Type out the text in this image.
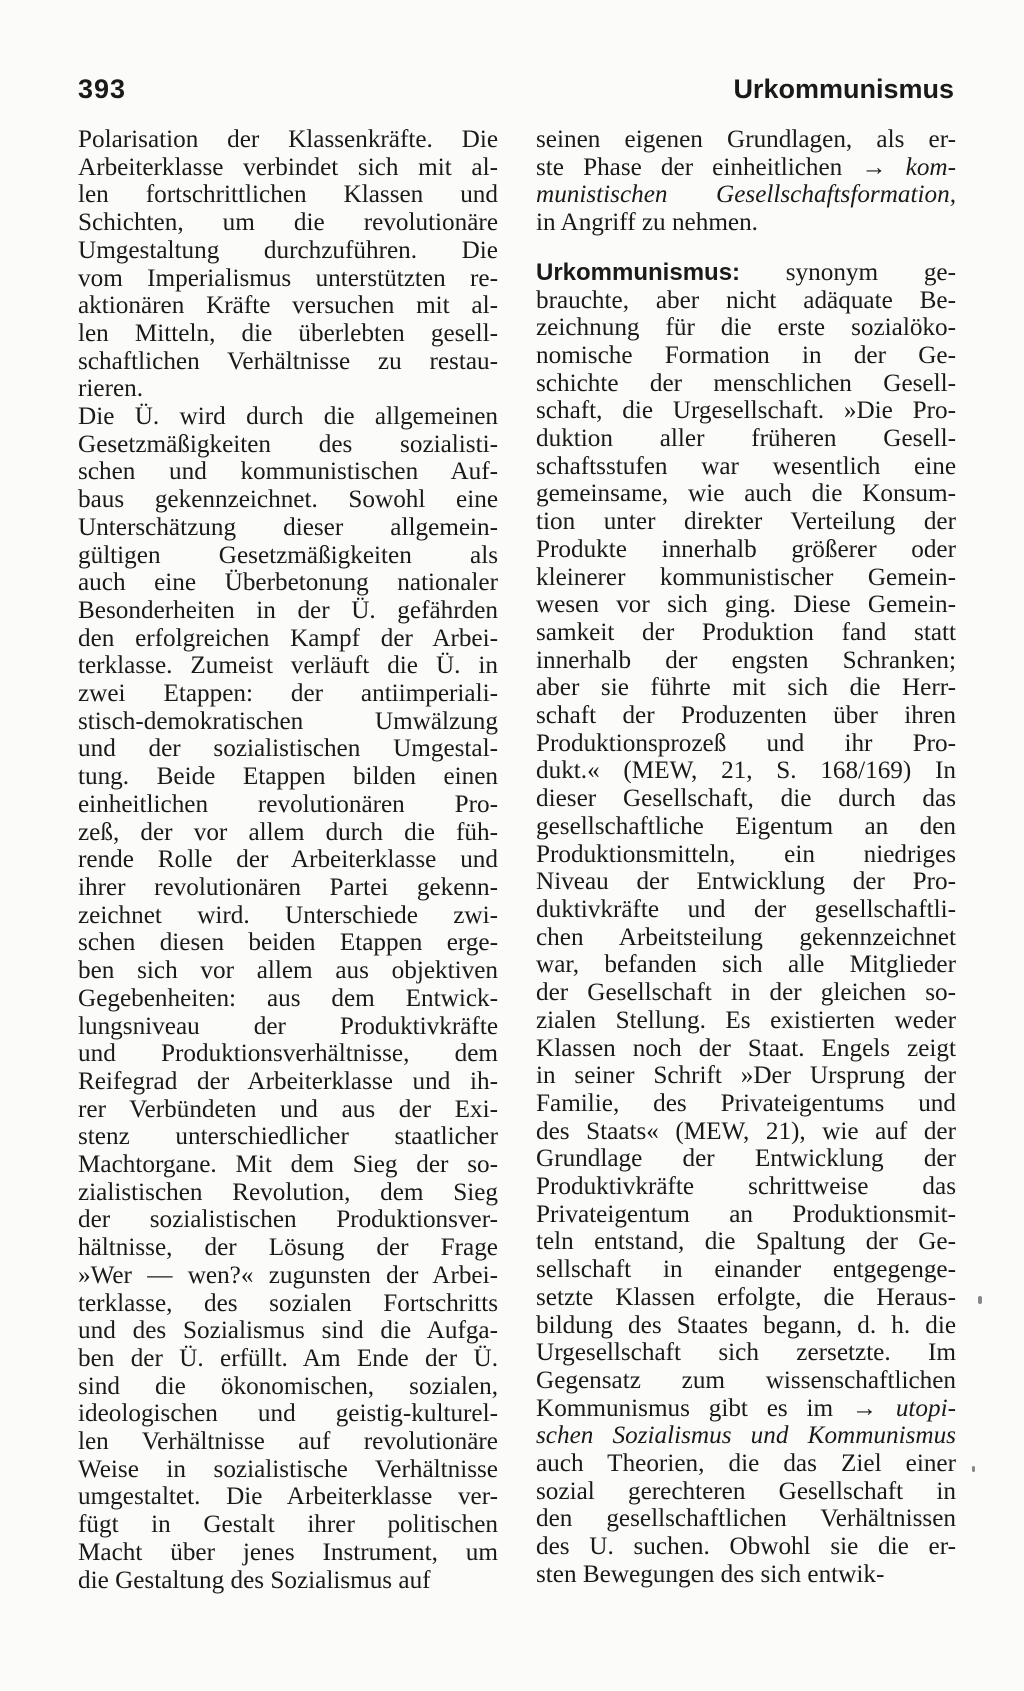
393	Urkommunismus
Polarisation der Klassenkräfte. Die
Arbeiterklasse verbindet sich mit al-
len fortschrittlichen Klassen und
Schichten, um die revolutionäre
Umgestaltung durchzuführen. Die
vom Imperialismus unterstützten re-
aktionären Kräfte versuchen mit al-
len Mitteln, die überlebten gesell-
schaftlichen Verhältnisse zu restau-
rieren.
Die Ü. wird durch die allgemeinen
Gesetzmäßigkeiten des sozialisti-
schen und kommunistischen Auf-
baus gekennzeichnet. Sowohl eine
Unterschätzung dieser allgemein-
gültigen Gesetzmäßigkeiten als
auch eine Überbetonung nationaler
Besonderheiten in der Ü. gefährden
den erfolgreichen Kampf der Arbei-
terklasse. Zumeist verläuft die Ü. in
zwei Etappen: der antiimperiali-
stisch-demokratischen Umwälzung
und der sozialistischen Umgestal-
tung. Beide Etappen bilden einen
einheitlichen revolutionären Pro-
zeß, der vor allem durch die füh-
rende Rolle der Arbeiterklasse und
ihrer revolutionären Partei gekenn-
zeichnet wird. Unterschiede zwi-
schen diesen beiden Etappen erge-
ben sich vor allem aus objektiven
Gegebenheiten: aus dem Entwick-
lungsniveau der Produktivkräfte
und Produktionsverhältnisse, dem
Reifegrad der Arbeiterklasse und ih-
rer Verbündeten und aus der Exi-
stenz unterschiedlicher staatlicher
Machtorgane. Mit dem Sieg der so-
zialistischen Revolution, dem Sieg
der sozialistischen Produktionsver-
hältnisse, der Lösung der Frage
»Wer — wen?« zugunsten der Arbei-
terklasse, des sozialen Fortschritts
und des Sozialismus sind die Aufga-
ben der Ü. erfüllt. Am Ende der Ü.
sind die ökonomischen, sozialen,
ideologischen und geistig-kulturel-
len Verhältnisse auf revolutionäre
Weise in sozialistische Verhältnisse
umgestaltet. Die Arbeiterklasse ver-
fügt in Gestalt ihrer politischen
Macht über jenes Instrument, um
die Gestaltung des Sozialismus auf
seinen eigenen Grundlagen, als er-
ste Phase der einheitlichen → kom-
munistischen Gesellschaftsformation,
in Angriff zu nehmen.
Urkommunismus: synonym ge-
brauchte, aber nicht adäquate Be-
zeichnung für die erste sozialöko-
nomische Formation in der Ge-
schichte der menschlichen Gesell-
schaft, die Urgesellschaft. »Die Pro-
duktion aller früheren Gesell-
schaftsstufen war wesentlich eine
gemeinsame, wie auch die Konsum-
tion unter direkter Verteilung der
Produkte innerhalb größerer oder
kleinerer kommunistischer Gemein-
wesen vor sich ging. Diese Gemein-
samkeit der Produktion fand statt
innerhalb der engsten Schranken;
aber sie führte mit sich die Herr-
schaft der Produzenten über ihren
Produktionsprozeß und ihr Pro-
dukt.« (MEW, 21, S. 168/169) In
dieser Gesellschaft, die durch das
gesellschaftliche Eigentum an den
Produktionsmitteln, ein niedriges
Niveau der Entwicklung der Pro-
duktivkräfte und der gesellschaftli-
chen Arbeitsteilung gekennzeichnet
war, befanden sich alle Mitglieder
der Gesellschaft in der gleichen so-
zialen Stellung. Es existierten weder
Klassen noch der Staat. Engels zeigt
in seiner Schrift »Der Ursprung der
Familie, des Privateigentums und
des Staats« (MEW, 21), wie auf der
Grundlage der Entwicklung der
Produktivkräfte schrittweise das
Privateigentum an Produktionsmit-
teln entstand, die Spaltung der Ge-
sellschaft in einander entgegenge-
setzte Klassen erfolgte, die Heraus-
bildung des Staates begann, d. h. die
Urgesellschaft sich zersetzte. Im
Gegensatz zum wissenschaftlichen
Kommunismus gibt es im → utopi-
schen Sozialismus und Kommunismus
auch Theorien, die das Ziel einer
sozial gerechteren Gesellschaft in
den gesellschaftlichen Verhältnissen
des U. suchen. Obwohl sie die er-
sten Bewegungen des sich entwik-
